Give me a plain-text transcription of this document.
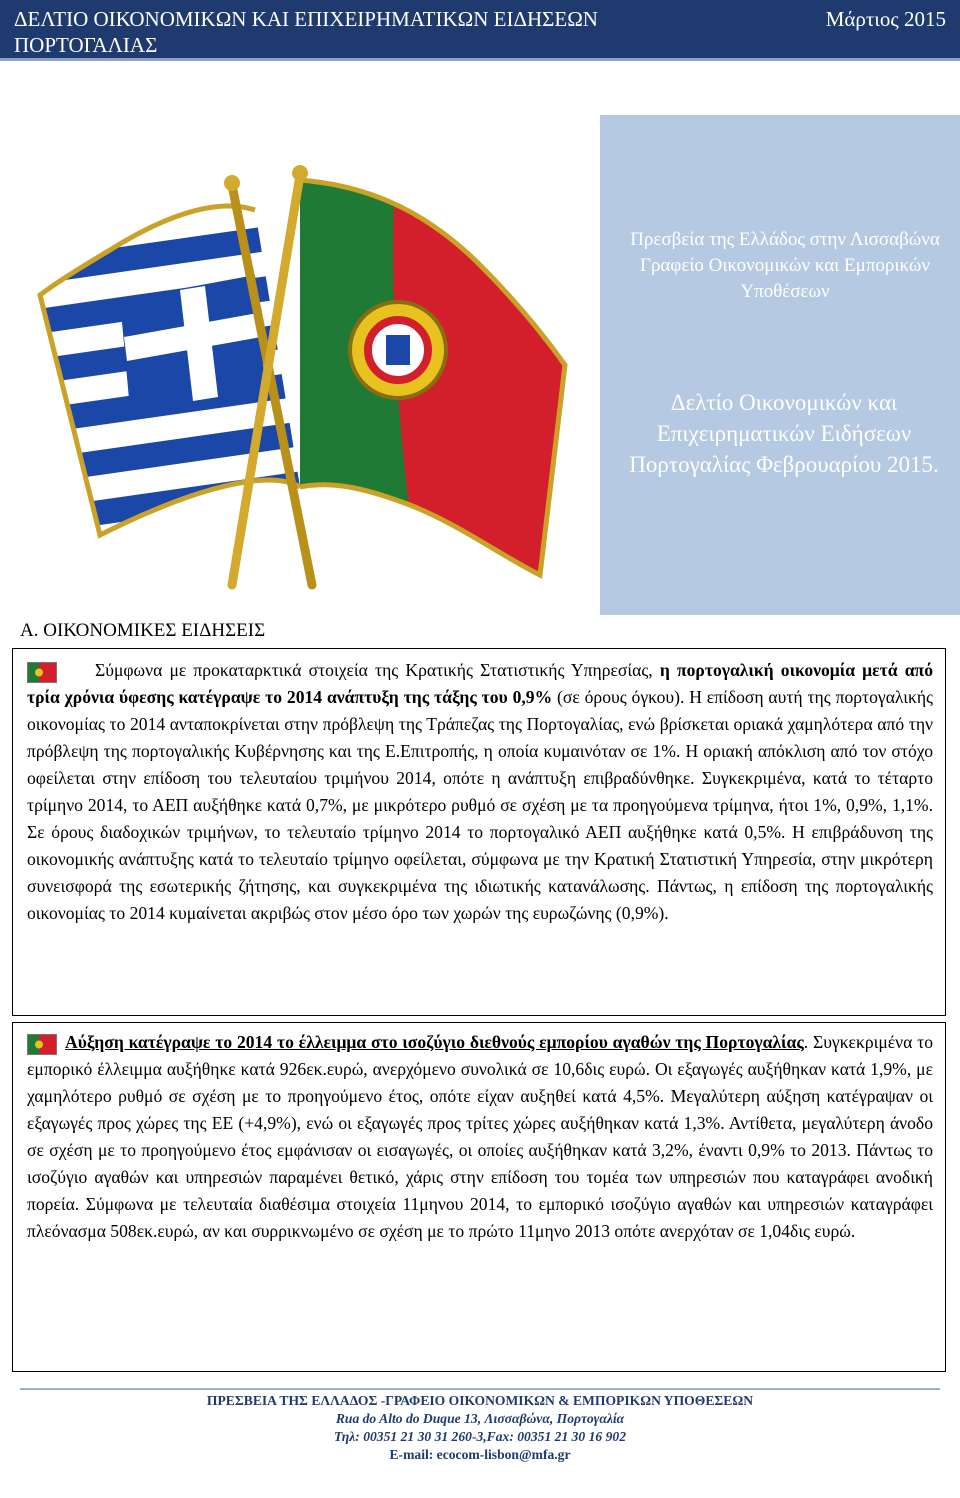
ΔΕΛΤΙΟ ΟΙΚΟΝΟΜΙΚΩΝ ΚΑΙ ΕΠΙΧΕΙΡΗΜΑΤΙΚΩΝ ΕΙΔΗΣΕΩΝ ΠΟΡΤΟΓΑΛΙΑΣ
Μάρτιος 2015
Πρεσβεία της Ελλάδος στην Λισσαβώνα
Γραφείο Οικονομικών και Εμπορικών Υποθέσεων
Δελτίο Οικονομικών και Επιχειρηματικών Ειδήσεων Πορτογαλίας Φεβρουαρίου 2015.
Α. ΟΙΚΟΝΟΜΙΚΕΣ ΕΙΔΗΣΕΙΣ
Σύμφωνα με προκαταρκτικά στοιχεία της Κρατικής Στατιστικής Υπηρεσίας, η πορτογαλική οικονομία μετά από τρία χρόνια ύφεσης κατέγραψε το 2014 ανάπτυξη της τάξης του 0,9% (σε όρους όγκου). Η επίδοση αυτή της πορτογαλικής οικονομίας το 2014 ανταποκρίνεται στην πρόβλεψη της Τράπεζας της Πορτογαλίας, ενώ βρίσκεται οριακά χαμηλότερα από την πρόβλεψη της πορτογαλικής Κυβέρνησης και της Ε.Επιτροπής, η οποία κυμαινόταν σε 1%. Η οριακή απόκλιση από τον στόχο οφείλεται στην επίδοση του τελευταίου τριμήνου 2014, οπότε η ανάπτυξη επιβραδύνθηκε. Συγκεκριμένα, κατά το τέταρτο τρίμηνο 2014, το ΑΕΠ αυξήθηκε κατά 0,7%, με μικρότερο ρυθμό σε σχέση με τα προηγούμενα τρίμηνα, ήτοι 1%, 0,9%, 1,1%. Σε όρους διαδοχικών τριμήνων, το τελευταίο τρίμηνο 2014 το πορτογαλικό ΑΕΠ αυξήθηκε κατά 0,5%. Η επιβράδυνση της οικονομικής ανάπτυξης κατά το τελευταίο τρίμηνο οφείλεται, σύμφωνα με την Κρατική Στατιστική Υπηρεσία, στην μικρότερη συνεισφορά της εσωτερικής ζήτησης, και συγκεκριμένα της ιδιωτικής κατανάλωσης. Πάντως, η επίδοση της πορτογαλικής οικονομίας το 2014 κυμαίνεται ακριβώς στον μέσο όρο των χωρών της ευρωζώνης (0,9%).
Αύξηση κατέγραψε το 2014 το έλλειμμα στο ισοζύγιο διεθνούς εμπορίου αγαθών της Πορτογαλίας. Συγκεκριμένα το εμπορικό έλλειμμα αυξήθηκε κατά 926εκ.ευρώ, ανερχόμενο συνολικά σε 10,6δις ευρώ. Οι εξαγωγές αυξήθηκαν κατά 1,9%, με χαμηλότερο ρυθμό σε σχέση με το προηγούμενο έτος, οπότε είχαν αυξηθεί κατά 4,5%. Μεγαλύτερη αύξηση κατέγραψαν οι εξαγωγές προς χώρες της ΕΕ (+4,9%), ενώ οι εξαγωγές προς τρίτες χώρες αυξήθηκαν κατά 1,3%. Αντίθετα, μεγαλύτερη άνοδο σε σχέση με το προηγούμενο έτος εμφάνισαν οι εισαγωγές, οι οποίες αυξήθηκαν κατά 3,2%, έναντι 0,9% το 2013. Πάντως το ισοζύγιο αγαθών και υπηρεσιών παραμένει θετικό, χάρις στην επίδοση του τομέα των υπηρεσιών που καταγράφει ανοδική πορεία. Σύμφωνα με τελευταία διαθέσιμα στοιχεία 11μηνου 2014, το εμπορικό ισοζύγιο αγαθών και υπηρεσιών καταγράφει πλεόνασμα 508εκ.ευρώ, αν και συρρικνωμένο σε σχέση με το πρώτο 11μηνο 2013 οπότε ανερχόταν σε 1,04δις ευρώ.
ΠΡΕΣΒΕΙΑ ΤΗΣ ΕΛΛΑΔΟΣ -ΓΡΑΦΕΙΟ ΟΙΚΟΝΟΜΙΚΩΝ & ΕΜΠΟΡΙΚΩΝ ΥΠΟΘΕΣΕΩΝ
Rua do Alto do Duque 13, Λισσαβώνα, Πορτογαλία
Τηλ: 00351 21 30 31 260-3,Fax: 00351 21 30 16 902
E-mail: ecocom-lisbon@mfa.gr
